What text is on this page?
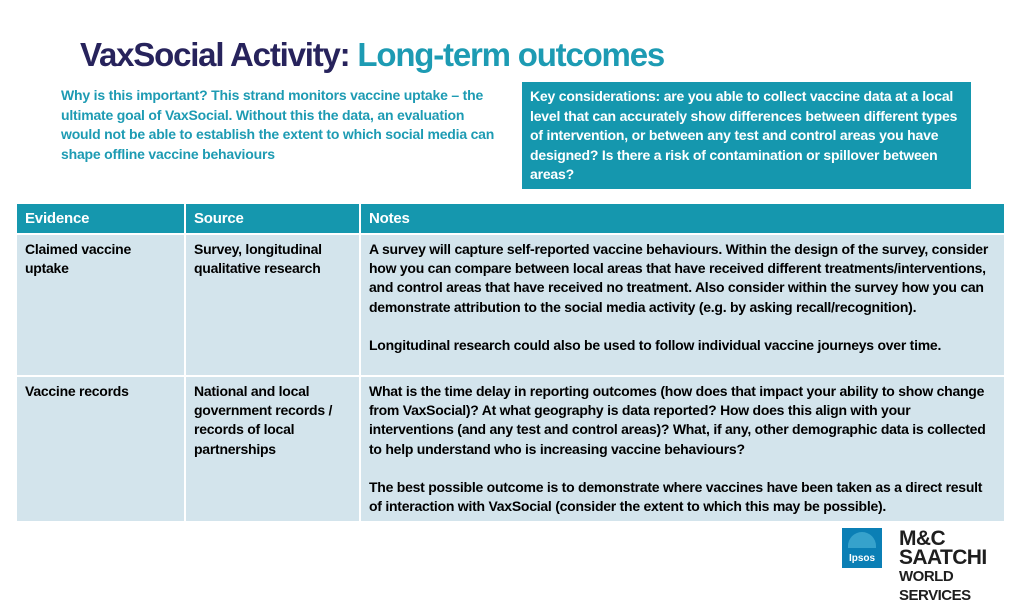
VaxSocial Activity: Long-term outcomes
Why is this important? This strand monitors vaccine uptake – the ultimate goal of VaxSocial. Without this the data, an evaluation would not be able to establish the extent to which social media can shape offline vaccine behaviours
Key considerations: are you able to collect vaccine data at a local level that can accurately show differences between different types of intervention, or between any test and control areas you have designed? Is there a risk of contamination or spillover between areas?
Evidence	Source	Notes
Claimed vaccine uptake	Survey, longitudinal qualitative research	A survey will capture self-reported vaccine behaviours. Within the design of the survey, consider how you can compare between local areas that have received different treatments/interventions, and control areas that have received no treatment. Also consider within the survey how you can demonstrate attribution to the social media activity (e.g. by asking recall/recognition).

Longitudinal research could also be used to follow individual vaccine journeys over time.

Vaccine records	National and local government records / records of local partnerships	What is the time delay in reporting outcomes (how does that impact your ability to show change from VaxSocial)? At what geography is data reported? How does this align with your interventions (and any test and control areas)? What, if any, other demographic data is collected to help understand who is increasing vaccine behaviours?

The best possible outcome is to demonstrate where vaccines have been taken as a direct result of interaction with VaxSocial (consider the extent to which this may be possible).

Ipsos
M&C SAATCHI
WORLD SERVICES
